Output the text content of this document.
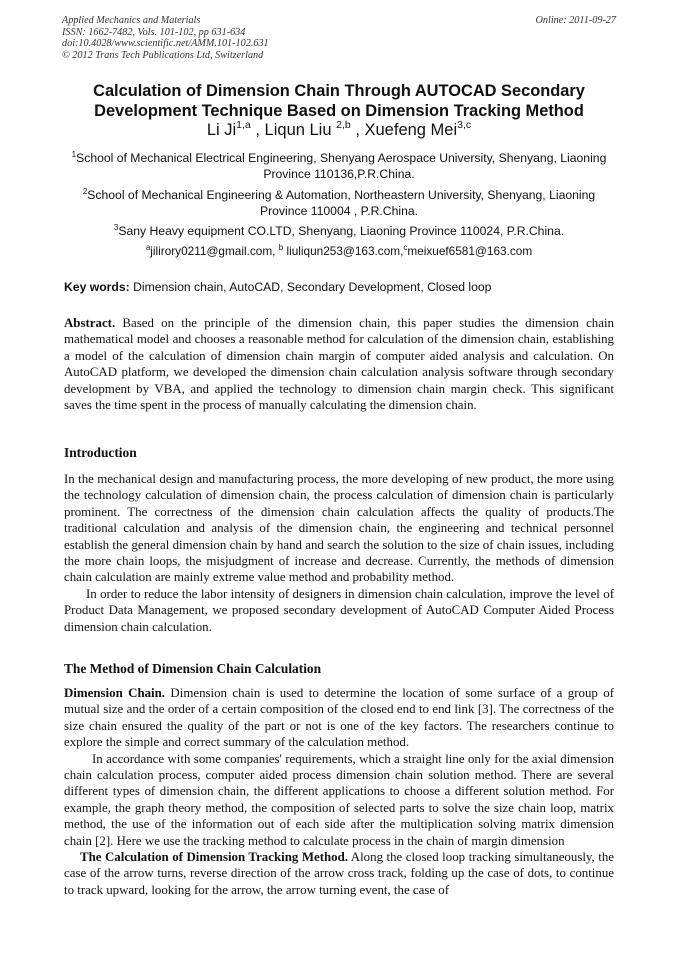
Applied Mechanics and Materials
ISSN: 1662-7482, Vols. 101-102, pp 631-634
doi:10.4028/www.scientific.net/AMM.101-102.631
© 2012 Trans Tech Publications Ltd, Switzerland
Online: 2011-09-27
Calculation of Dimension Chain Through AUTOCAD Secondary
Development Technique Based on Dimension Tracking Method
Li Ji$^{1,a}$ , Liqun Liu $^{2,b}$ , Xuefeng Mei$^{3,c}$
$^1$School of Mechanical Electrical Engineering, Shenyang Aerospace University, Shenyang, Liaoning
Province 110136,P.R.China.
$^2$School of Mechanical Engineering & Automation, Northeastern University, Shenyang, Liaoning
Province 110004 , P.R.China.
$^3$Sany Heavy equipment CO.LTD, Shenyang, Liaoning Province 110024, P.R.China.
$^a$jilirory0211@gmail.com, $^b$ liuliqun253@163.com,$^c$meixuef6581@163.com
Key words: Dimension chain, AutoCAD, Secondary Development, Closed loop

Abstract. Based on the principle of the dimension chain, this paper studies the dimension chain mathematical model and chooses a reasonable method for calculation of the dimension chain, establishing a model of the calculation of dimension chain margin of computer aided analysis and calculation. On AutoCAD platform, we developed the dimension chain calculation analysis software through secondary development by VBA, and applied the technology to dimension chain margin check. This significant saves the time spent in the process of manually calculating the dimension chain.

Introduction

In the mechanical design and manufacturing process, the more developing of new product, the more using the technology calculation of dimension chain, the process calculation of dimension chain is particularly prominent. The correctness of the dimension chain calculation affects the quality of products.The traditional calculation and analysis of the dimension chain, the engineering and technical personnel establish the general dimension chain by hand and search the solution to the size of chain issues, including the more chain loops, the misjudgment of increase and decrease. Currently, the methods of dimension chain calculation are mainly extreme value method and probability method.

In order to reduce the labor intensity of designers in dimension chain calculation, improve the level of Product Data Management, we proposed secondary development of AutoCAD Computer Aided Process dimension chain calculation.

The Method of Dimension Chain Calculation

Dimension Chain. Dimension chain is used to determine the location of some surface of a group of mutual size and the order of a certain composition of the closed end to end link [3]. The correctness of the size chain ensured the quality of the part or not is one of the key factors. The researchers continue to explore the simple and correct summary of the calculation method.

In accordance with some companies' requirements, which a straight line only for the axial dimension chain calculation process, computer aided process dimension chain solution method. There are several different types of dimension chain, the different applications to choose a different solution method. For example, the graph theory method, the composition of selected parts to solve the size chain loop, matrix method, the use of the information out of each side after the multiplication solving matrix dimension chain [2]. Here we use the tracking method to calculate process in the chain of margin dimension

The Calculation of Dimension Tracking Method. Along the closed loop tracking simultaneously, the case of the arrow turns, reverse direction of the arrow cross track, folding up the case of dots, to continue to track upward, looking for the arrow, the arrow turning event, the case of
